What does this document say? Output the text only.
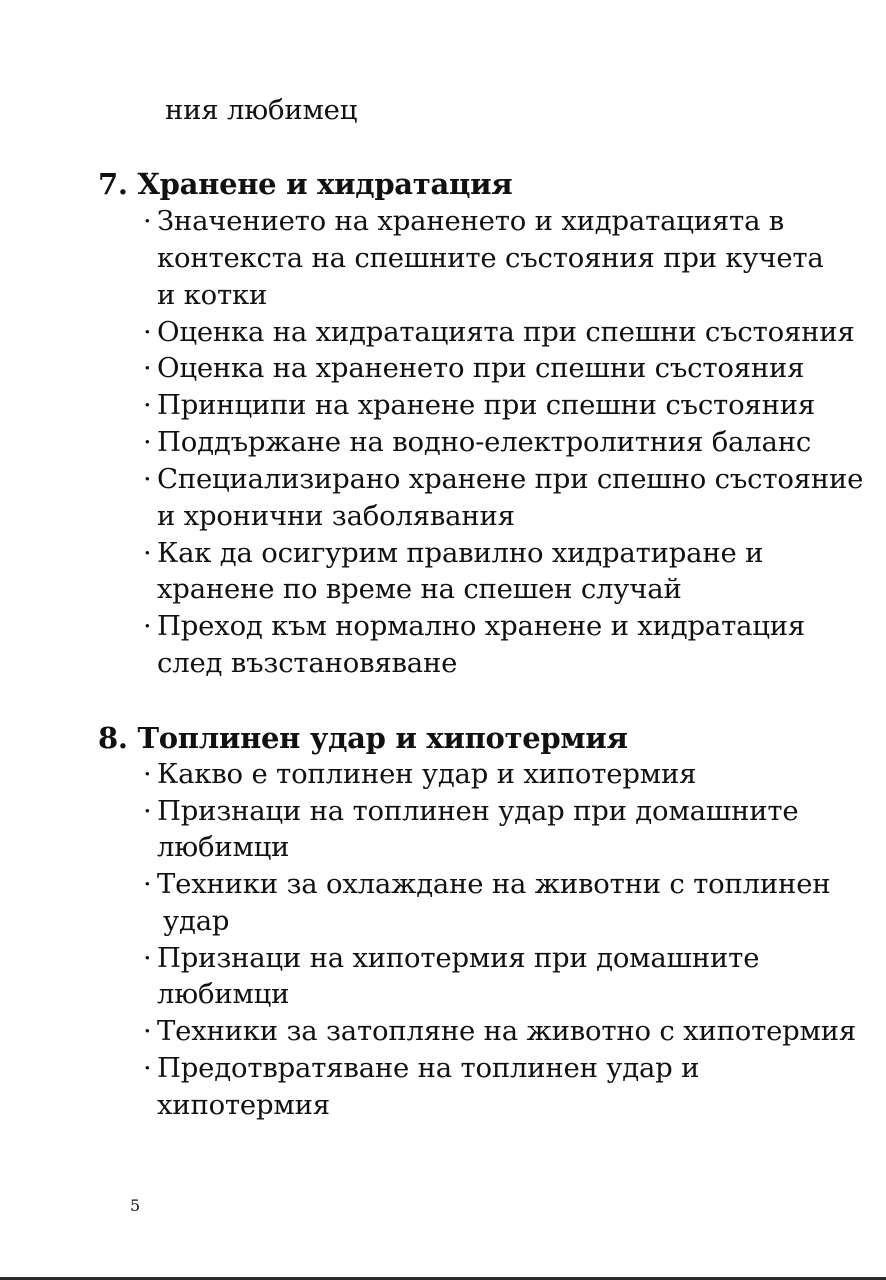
ния любимец
7. Хранене и хидратация
· Значението на храненето и хидратацията в
контекста на спешните състояния при кучета
и котки
· Оценка на хидратацията при спешни състояния
· Оценка на храненето при спешни състояния
· Принципи на хранене при спешни състояния
· Поддържане на водно-електролитния баланс
· Специализирано хранене при спешно състояние
и хронични заболявания
· Как да осигурим правилно хидратиране и
хранене по време на спешен случай
· Преход към нормално хранене и хидратация
след възстановяване
8. Топлинен удар и хипотермия
· Какво е топлинен удар и хипотермия
· Признаци на топлинен удар при домашните
любимци
· Техники за охлаждане на животни с топлинен
удар
· Признаци на хипотермия при домашните
любимци
· Техники за затопляне на животно с хипотермия
· Предотвратяване на топлинен удар и
хипотермия
5
